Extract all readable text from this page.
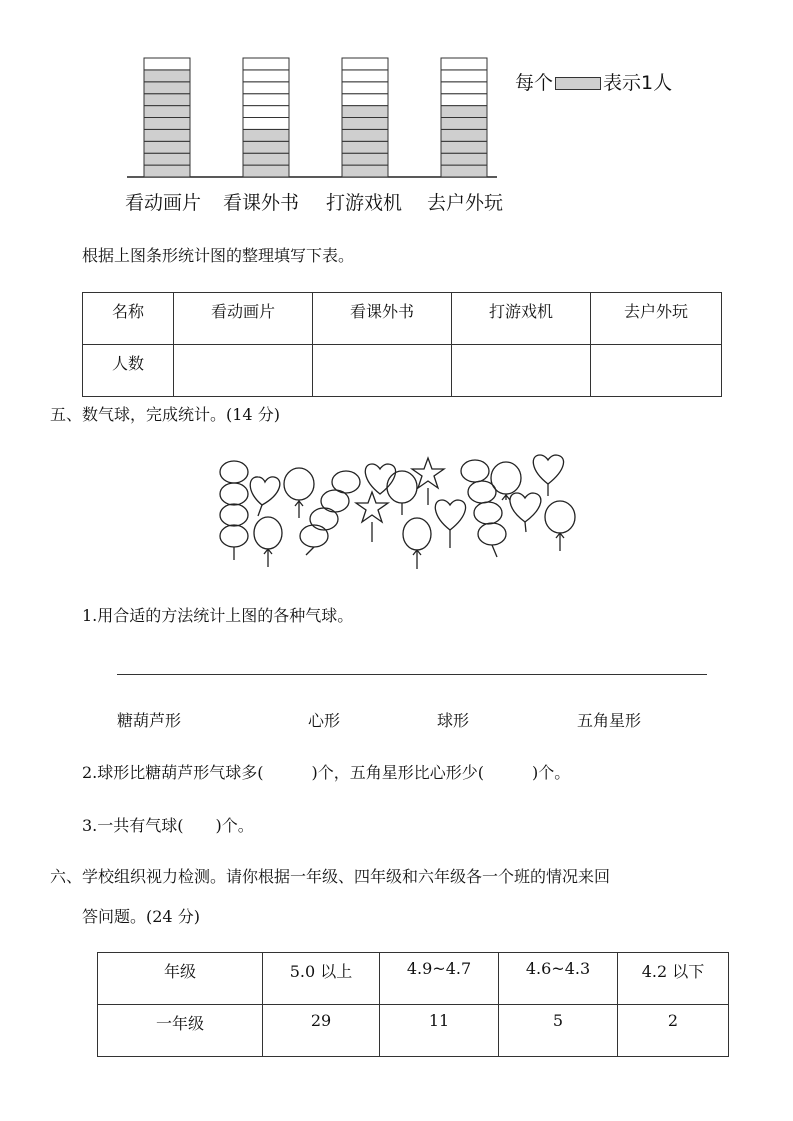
每个	表示1人
看动画片 看课外书 打游戏机 去户外玩
根据上图条形统计图的整理填写下表。
名称	看动画片	看课外书	打游戏机	去户外玩
人数				
五、数气球，完成统计。(14 分)
1.用合适的方法统计上图的各种气球。
糖葫芦形	心形	球形	五角星形
2.球形比糖葫芦形气球多(　　　)个，五角星形比心形少(　　　)个。
3.一共有气球(　　)个。
六、学校组织视力检测。请你根据一年级、四年级和六年级各一个班的情况来回
答问题。(24 分)
年级	5.0 以上	4.9~4.7	4.6~4.3	4.2 以下
一年级	29	11	5	2
